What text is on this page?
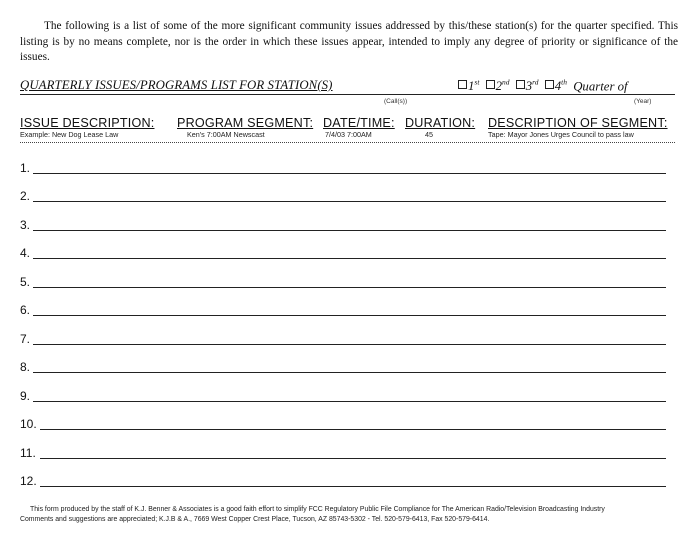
The following is a list of some of the more significant community issues addressed by this/these station(s) for the quarter specified. This listing is by no means complete, nor is the order in which these issues appear, intended to imply any degree of priority or significance of the issues.
QUARTERLY ISSUES/PROGRAMS LIST FOR STATION(S)	1st 2nd 3rd 4th Quarter of
(Call(s))	(Year)
ISSUE DESCRIPTION: PROGRAM SEGMENT: DATE/TIME: DURATION: DESCRIPTION OF SEGMENT:
Example: New Dog Lease Law	Ken's 7:00AM Newscast	7/4/03 7:00AM	45	Tape: Mayor Jones Urges Council to pass law
1.
2.
3.
4.
5.
6.
7.
8.
9.
10.
11.
12.
This form produced by the staff of K.J. Benner & Associates is a good faith effort to simplify FCC Regulatory Public File Compliance for The American Radio/Television Broadcasting Industry
Comments and suggestions are appreciated; K.J.B & A., 7669 West Copper Crest Place, Tucson, AZ 85743-5302 - Tel. 520-579-6413, Fax 520-579-6414.
